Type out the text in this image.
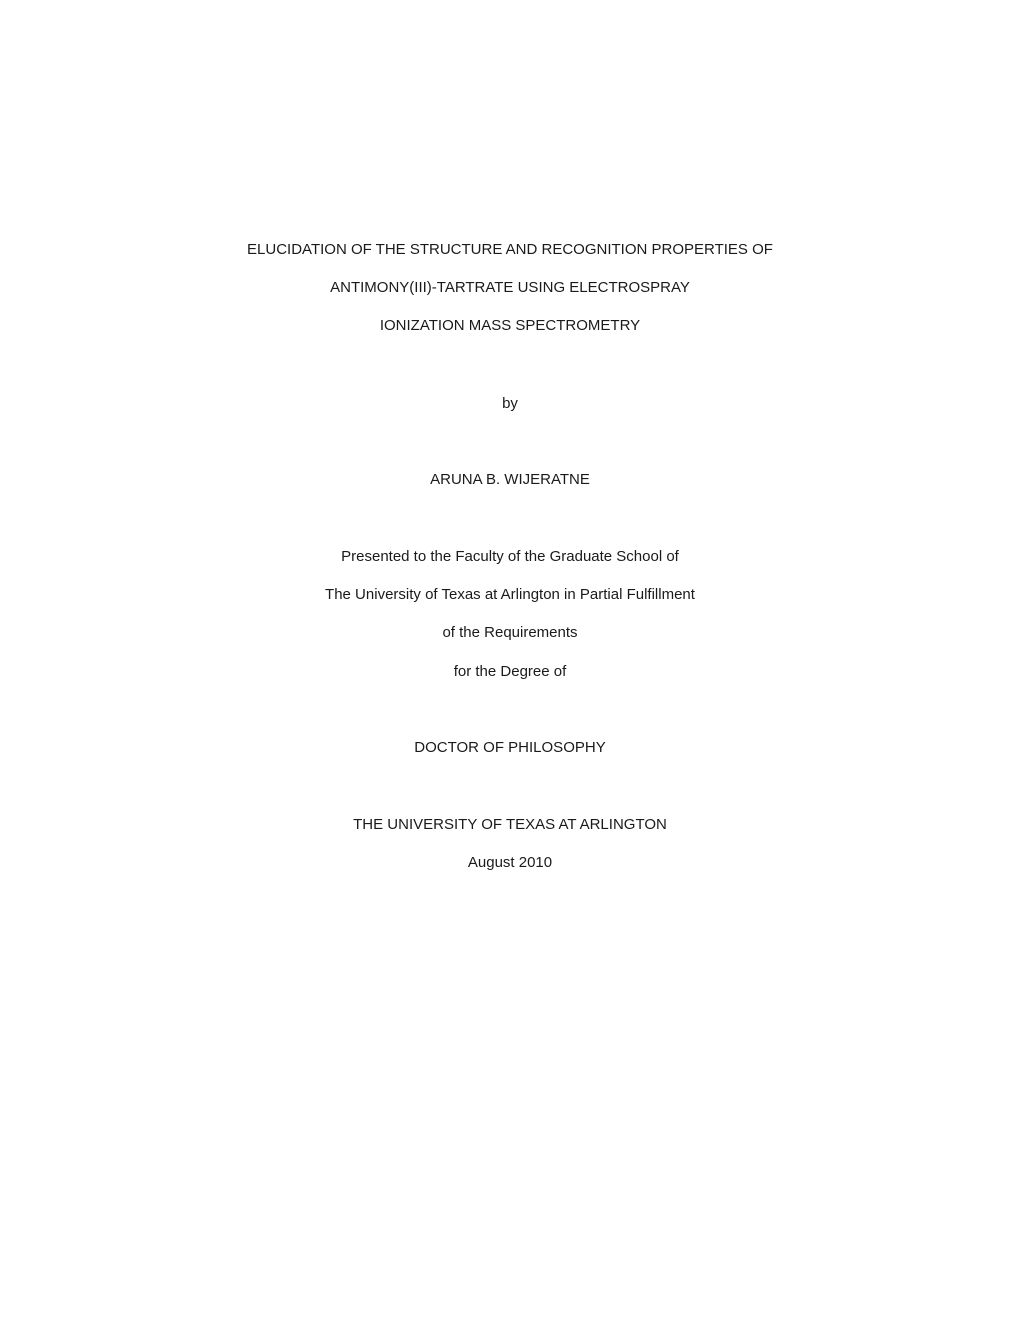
ELUCIDATION OF THE STRUCTURE AND RECOGNITION PROPERTIES OF
ANTIMONY(III)-TARTRATE USING ELECTROSPRAY
IONIZATION MASS SPECTROMETRY
by
ARUNA B. WIJERATNE
Presented to the Faculty of the Graduate School of
The University of Texas at Arlington in Partial Fulfillment
of the Requirements
for the Degree of
DOCTOR OF PHILOSOPHY
THE UNIVERSITY OF TEXAS AT ARLINGTON
August 2010
